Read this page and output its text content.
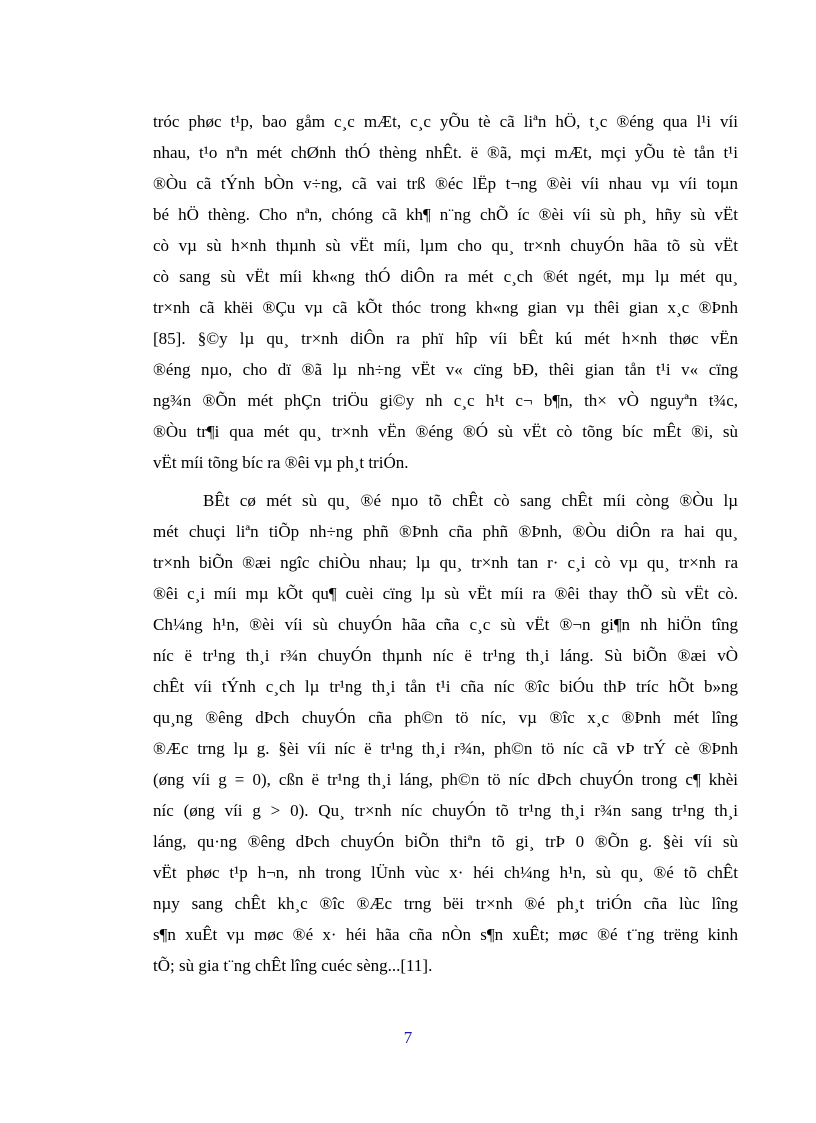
tróc phøc t¹p, bao gåm c¸c mÆt, c¸c yÕu tè cã liªn hÖ, t¸c ®éng qua l¹i víi
nhau, t¹o nªn mét chØnh thÓ thèng nhÊt. ë ®ã, mçi mÆt, mçi yÕu tè tån t¹i
®Òu cã tÝnh bÒn v÷ng, cã vai trß ®éc lËp t¬ng ®èi víi nhau vµ víi toµn
bé hÖ thèng. Cho nªn, chóng cã kh¶ n¨ng chÕ íc ®èi víi sù ph¸ hñy sù vËt
cò vµ sù h×nh thµnh sù vËt míi, lµm cho qu¸ tr×nh chuyÓn hãa tõ sù vËt
cò sang sù vËt míi kh«ng thÓ diÔn ra mét c¸ch ®ét ngét, mµ lµ mét qu¸
tr×nh cã khëi ®Çu vµ cã kÕt thóc trong kh«ng gian vµ thêi gian x¸c ®Þnh
[85]. §©y lµ qu¸ tr×nh diÔn ra phï hîp víi bÊt kú mét h×nh thøc vËn
®éng nµo, cho dï ®ã lµ nh÷ng vËt v« cïng bÐ, thêi gian tån t¹i v« cïng
ng¾n ®Õn mét phÇn triÖu gi©y nh c¸c h¹t c¬ b¶n, th× vÒ nguyªn t¾c,
®Òu tr¶i qua mét qu¸ tr×nh vËn ®éng ®Ó sù vËt cò tõng bíc mÊt ®i, sù
vËt míi tõng bíc ra ®êi vµ ph¸t triÓn.
BÊt cø mét sù qu¸ ®é nµo tõ chÊt cò sang chÊt míi còng ®Òu lµ
mét chuçi liªn tiÕp nh÷ng phñ ®Þnh cña phñ ®Þnh, ®Òu diÔn ra hai qu¸
tr×nh biÕn ®æi ngîc chiÒu nhau; lµ qu¸ tr×nh tan r· c¸i cò vµ qu¸ tr×nh ra
®êi c¸i míi mµ kÕt qu¶ cuèi cïng lµ sù vËt míi ra ®êi thay thÕ sù vËt cò.
Ch¼ng h¹n, ®èi víi sù chuyÓn hãa cña c¸c sù vËt ®¬n gi¶n nh hiÖn tîng
níc ë tr¹ng th¸i r¾n chuyÓn thµnh níc ë tr¹ng th¸i láng. Sù biÕn ®æi vÒ
chÊt víi tÝnh c¸ch lµ tr¹ng th¸i tån t¹i cña níc ®îc biÓu thÞ tríc hÕt b»ng
qu¸ng ®êng dÞch chuyÓn cña ph©n tö níc, vµ ®îc x¸c ®Þnh mét lîng
®Æc trng lµ g. §èi víi níc ë tr¹ng th¸i r¾n, ph©n tö níc cã vÞ trÝ cè ®Þnh
(øng víi g = 0), cßn ë tr¹ng th¸i láng, ph©n tö níc dÞch chuyÓn trong c¶ khèi
níc (øng víi g > 0). Qu¸ tr×nh níc chuyÓn tõ tr¹ng th¸i r¾n sang tr¹ng th¸i
láng, qu·ng ®êng dÞch chuyÓn biÕn thiªn tõ gi¸ trÞ 0 ®Õn g. §èi víi sù
vËt phøc t¹p h¬n, nh trong lÜnh vùc x· héi ch¼ng h¹n, sù qu¸ ®é tõ chÊt
nµy sang chÊt kh¸c ®îc ®Æc trng bëi tr×nh ®é ph¸t triÓn cña lùc lîng
s¶n xuÊt vµ møc ®é x· héi hãa cña nÒn s¶n xuÊt; møc ®é t¨ng trëng kinh
tÕ; sù gia t¨ng chÊt lîng cuéc sèng...[11].
7
